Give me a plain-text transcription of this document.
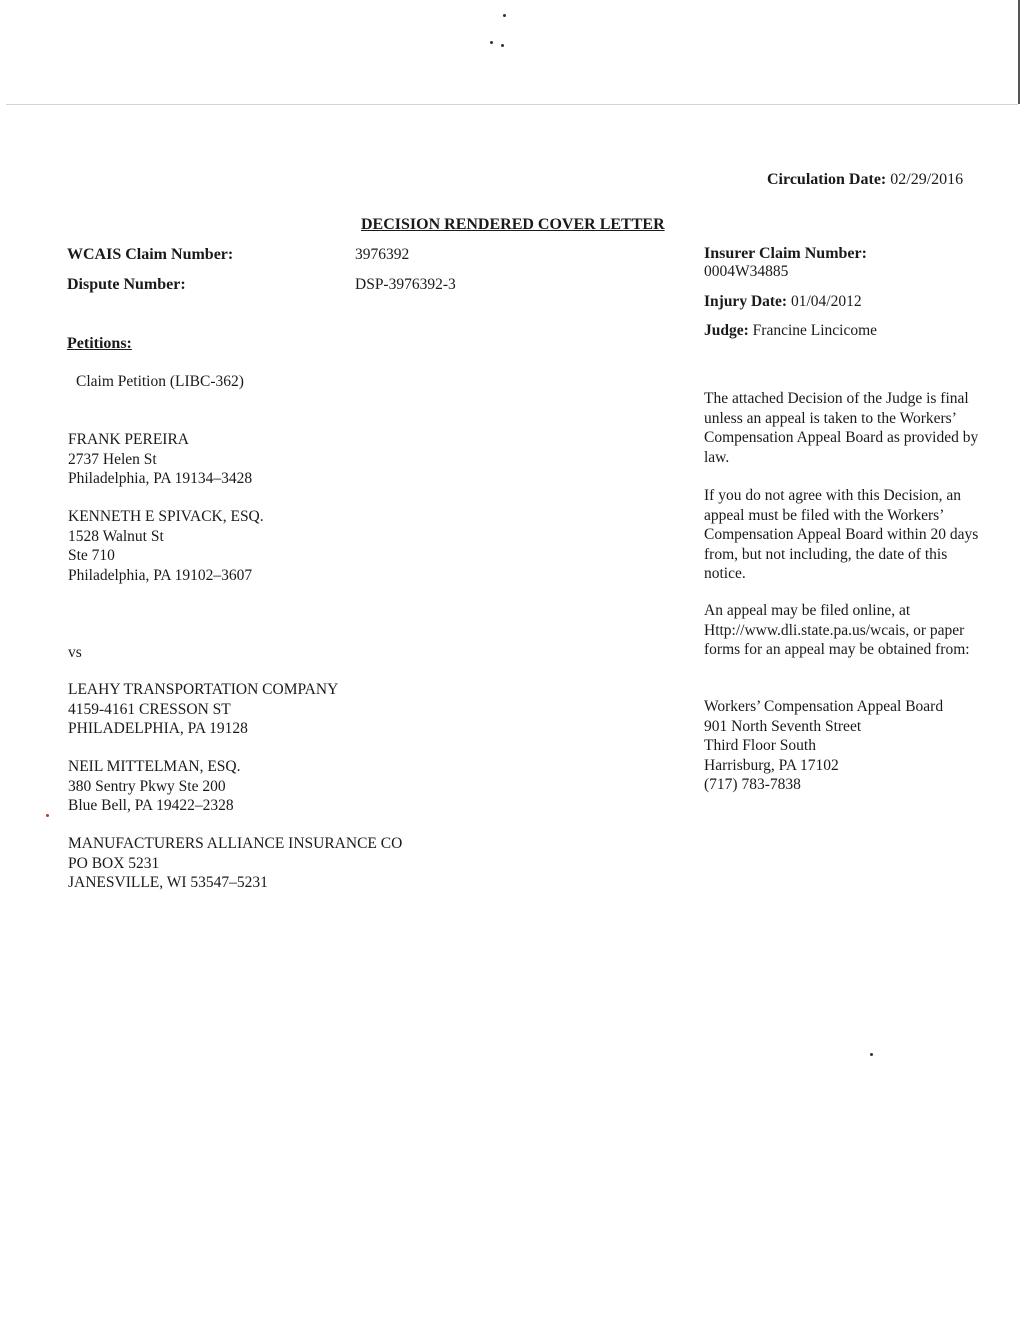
Circulation Date: 02/29/2016
DECISION RENDERED COVER LETTER
WCAIS Claim Number:	3976392
Dispute Number:	DSP-3976392-3
Petitions:
Claim Petition (LIBC-362)
FRANK PEREIRA
2737 Helen St
Philadelphia, PA 19134–3428
KENNETH E SPIVACK, ESQ.
1528 Walnut St
Ste 710
Philadelphia, PA 19102–3607
vs
LEAHY TRANSPORTATION COMPANY
4159-4161 CRESSON ST
PHILADELPHIA, PA 19128
NEIL MITTELMAN, ESQ.
380 Sentry Pkwy Ste 200
Blue Bell, PA 19422–2328
MANUFACTURERS ALLIANCE INSURANCE CO
PO BOX 5231
JANESVILLE, WI 53547–5231
Insurer Claim Number:
0004W34885
Injury Date: 01/04/2012
Judge: Francine Lincicome
The attached Decision of the Judge is final unless an appeal is taken to the Workers’ Compensation Appeal Board as provided by law.
If you do not agree with this Decision, an appeal must be filed with the Workers’ Compensation Appeal Board within 20 days from, but not including, the date of this notice.
An appeal may be filed online, at Http://www.dli.state.pa.us/wcais, or paper forms for an appeal may be obtained from:
Workers’ Compensation Appeal Board
901 North Seventh Street
Third Floor South
Harrisburg, PA 17102
(717) 783-7838
